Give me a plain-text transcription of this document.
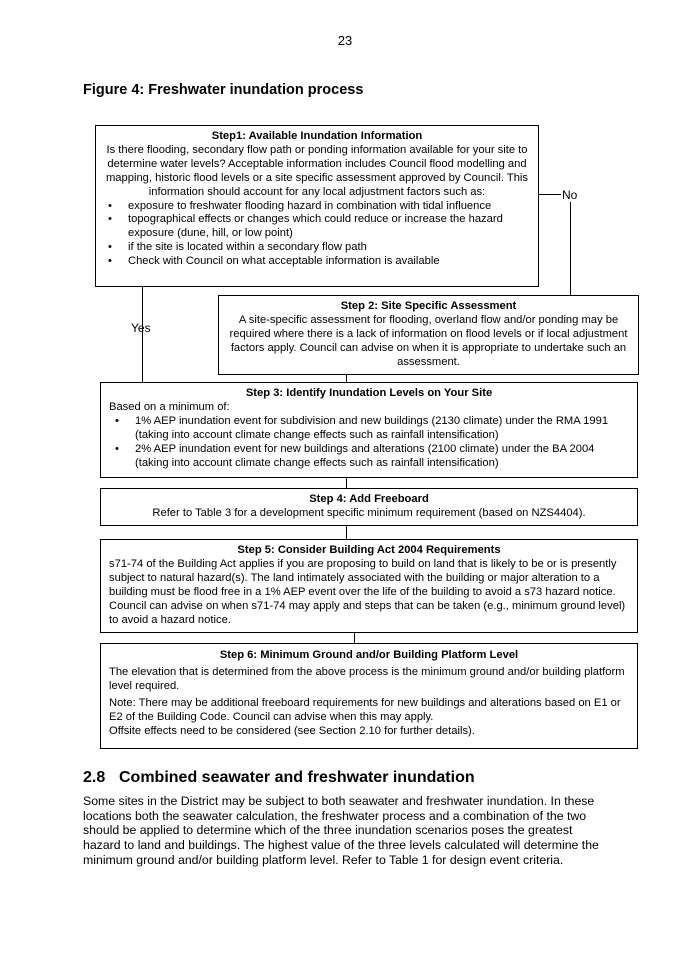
23
Figure 4: Freshwater inundation process
Yes
No
Step1: Available Inundation Information
Is there flooding, secondary flow path or ponding information available for your site to determine water levels? Acceptable information includes Council flood modelling and mapping, historic flood levels or a site specific assessment approved by Council. This information should account for any local adjustment factors such as:
• exposure to freshwater flooding hazard in combination with tidal influence
• topographical effects or changes which could reduce or increase the hazard exposure (dune, hill, or low point)
• if the site is located within a secondary flow path
• Check with Council on what acceptable information is available
Step 2: Site Specific Assessment
A site-specific assessment for flooding, overland flow and/or ponding may be required where there is a lack of information on flood levels or if local adjustment factors apply. Council can advise on when it is appropriate to undertake such an assessment.
Step 3: Identify Inundation Levels on Your Site
Based on a minimum of:
• 1% AEP inundation event for subdivision and new buildings (2130 climate) under the RMA 1991 (taking into account climate change effects such as rainfall intensification)
• 2% AEP inundation event for new buildings and alterations (2100 climate) under the BA 2004 (taking into account climate change effects such as rainfall intensification)
Step 4: Add Freeboard
Refer to Table 3 for a development specific minimum requirement (based on NZS4404).
Step 5: Consider Building Act 2004 Requirements
s71-74 of the Building Act applies if you are proposing to build on land that is likely to be or is presently subject to natural hazard(s). The land intimately associated with the building or major alteration to a building must be flood free in a 1% AEP event over the life of the building to avoid a s73 hazard notice. Council can advise on when s71-74 may apply and steps that can be taken (e.g., minimum ground level) to avoid a hazard notice.
Step 6: Minimum Ground and/or Building Platform Level
The elevation that is determined from the above process is the minimum ground and/or building platform level required.
Note: There may be additional freeboard requirements for new buildings and alterations based on E1 or E2 of the Building Code. Council can advise when this may apply.
Offsite effects need to be considered (see Section 2.10 for further details).
2.8 Combined seawater and freshwater inundation
Some sites in the District may be subject to both seawater and freshwater inundation. In these locations both the seawater calculation, the freshwater process and a combination of the two should be applied to determine which of the three inundation scenarios poses the greatest hazard to land and buildings. The highest value of the three levels calculated will determine the minimum ground and/or building platform level. Refer to Table 1 for design event criteria.
